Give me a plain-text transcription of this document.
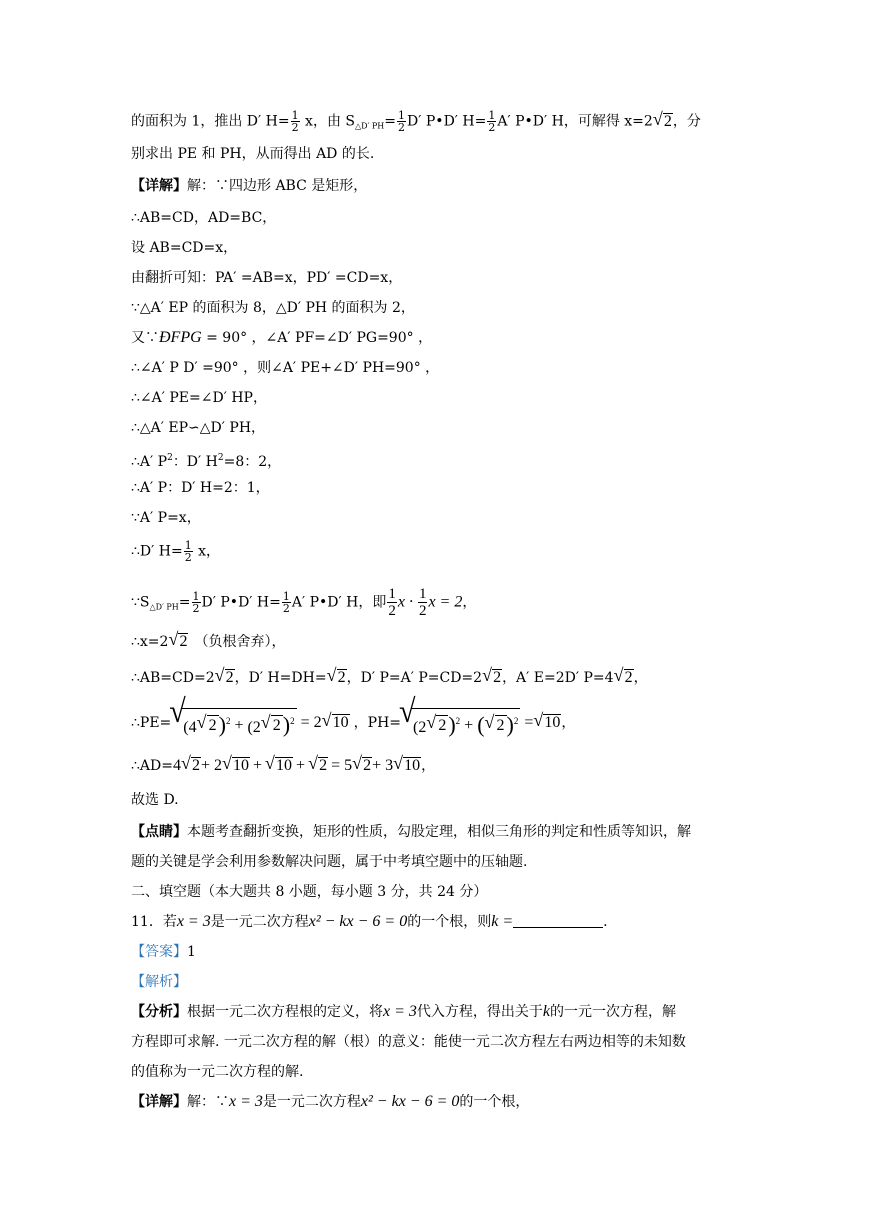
的面积为 1，推出 D′ $H= \frac{1}{2}$ x，由 $S_{\triangle D' PH}= \frac{1}{2} D'$ P•D′ $H= \frac{1}{2} A'$ P•D′ H，可解得 x=2 √ 2，分
别求出 PE 和 PH，从而得出 AD 的长.
【详解】解：∵四边形 ABC 是矩形，
∴AB=CD，AD=BC，
设 AB=CD=x，
由翻折可知：PA′ =AB=x，PD′ =CD=x，
∵△A′ EP 的面积为 8，△D′ PH 的面积为 2，
又∵ÐFPG = 90° ，∠A′ PF=∠D′ PG=90° ，
∴∠A′ P D′ =90° ，则∠A′ PE+∠D′ PH=90° ，
∴∠A′ PE=∠D′ HP，
∴△A′ EP∽△D′ PH，
∴A′ $P^2$：D′ $H^2=8$：2，
∴A′ P：D′ H=2：1，
∵A′ P=x，
∴D′ $H= \frac{1}{2}$ x，
$\because S_{\triangle D' PH}= \frac{1}{2} D'$ P•D′ $H= \frac{1}{2} A'$ P•D′ H，即 $\frac{1}{2}$ $x \cdot \frac{1}{2}$ x = 2，
∴x=2 √ 2 （负根舍弃），
∴AB=CD=2 √ 2，D′ H=DH= √ 2，D′ P=A′ P=CD=2 √ 2，A′ E=2D′ P=4 √ 2，
∴PE= √ (4 √ 2)$^2$ + (2 √ 2)$^2$ = 2 √ 10 ，PH= √ (2 √ 2)$^2$ + ( √ 2)$^2$ = √ 10，
∴AD=4 √ 2+ 2 √ 10 + √ 10 + √ 2 = 5 √ 2+ 3 √ 10，
故选 D.
【点睛】本题考查翻折变换，矩形的性质，勾股定理，相似三角形的判定和性质等知识，解
题的关键是学会利用参数解决问题，属于中考填空题中的压轴题.
二、填空题（本大题共 8 小题，每小题 3 分，共 24 分）
11．若x = 3是一元二次方程x² − kx − 6 = 0的一个根，则k =	.
【答案】1
【解析】
【分析】根据一元二次方程根的定义，将x = 3代入方程，得出关于k的一元一次方程，解
方程即可求解. 一元二次方程的解（根）的意义：能使一元二次方程左右两边相等的未知数
的值称为一元二次方程的解.
【详解】解：∵x = 3是一元二次方程x² − kx − 6 = 0的一个根，
